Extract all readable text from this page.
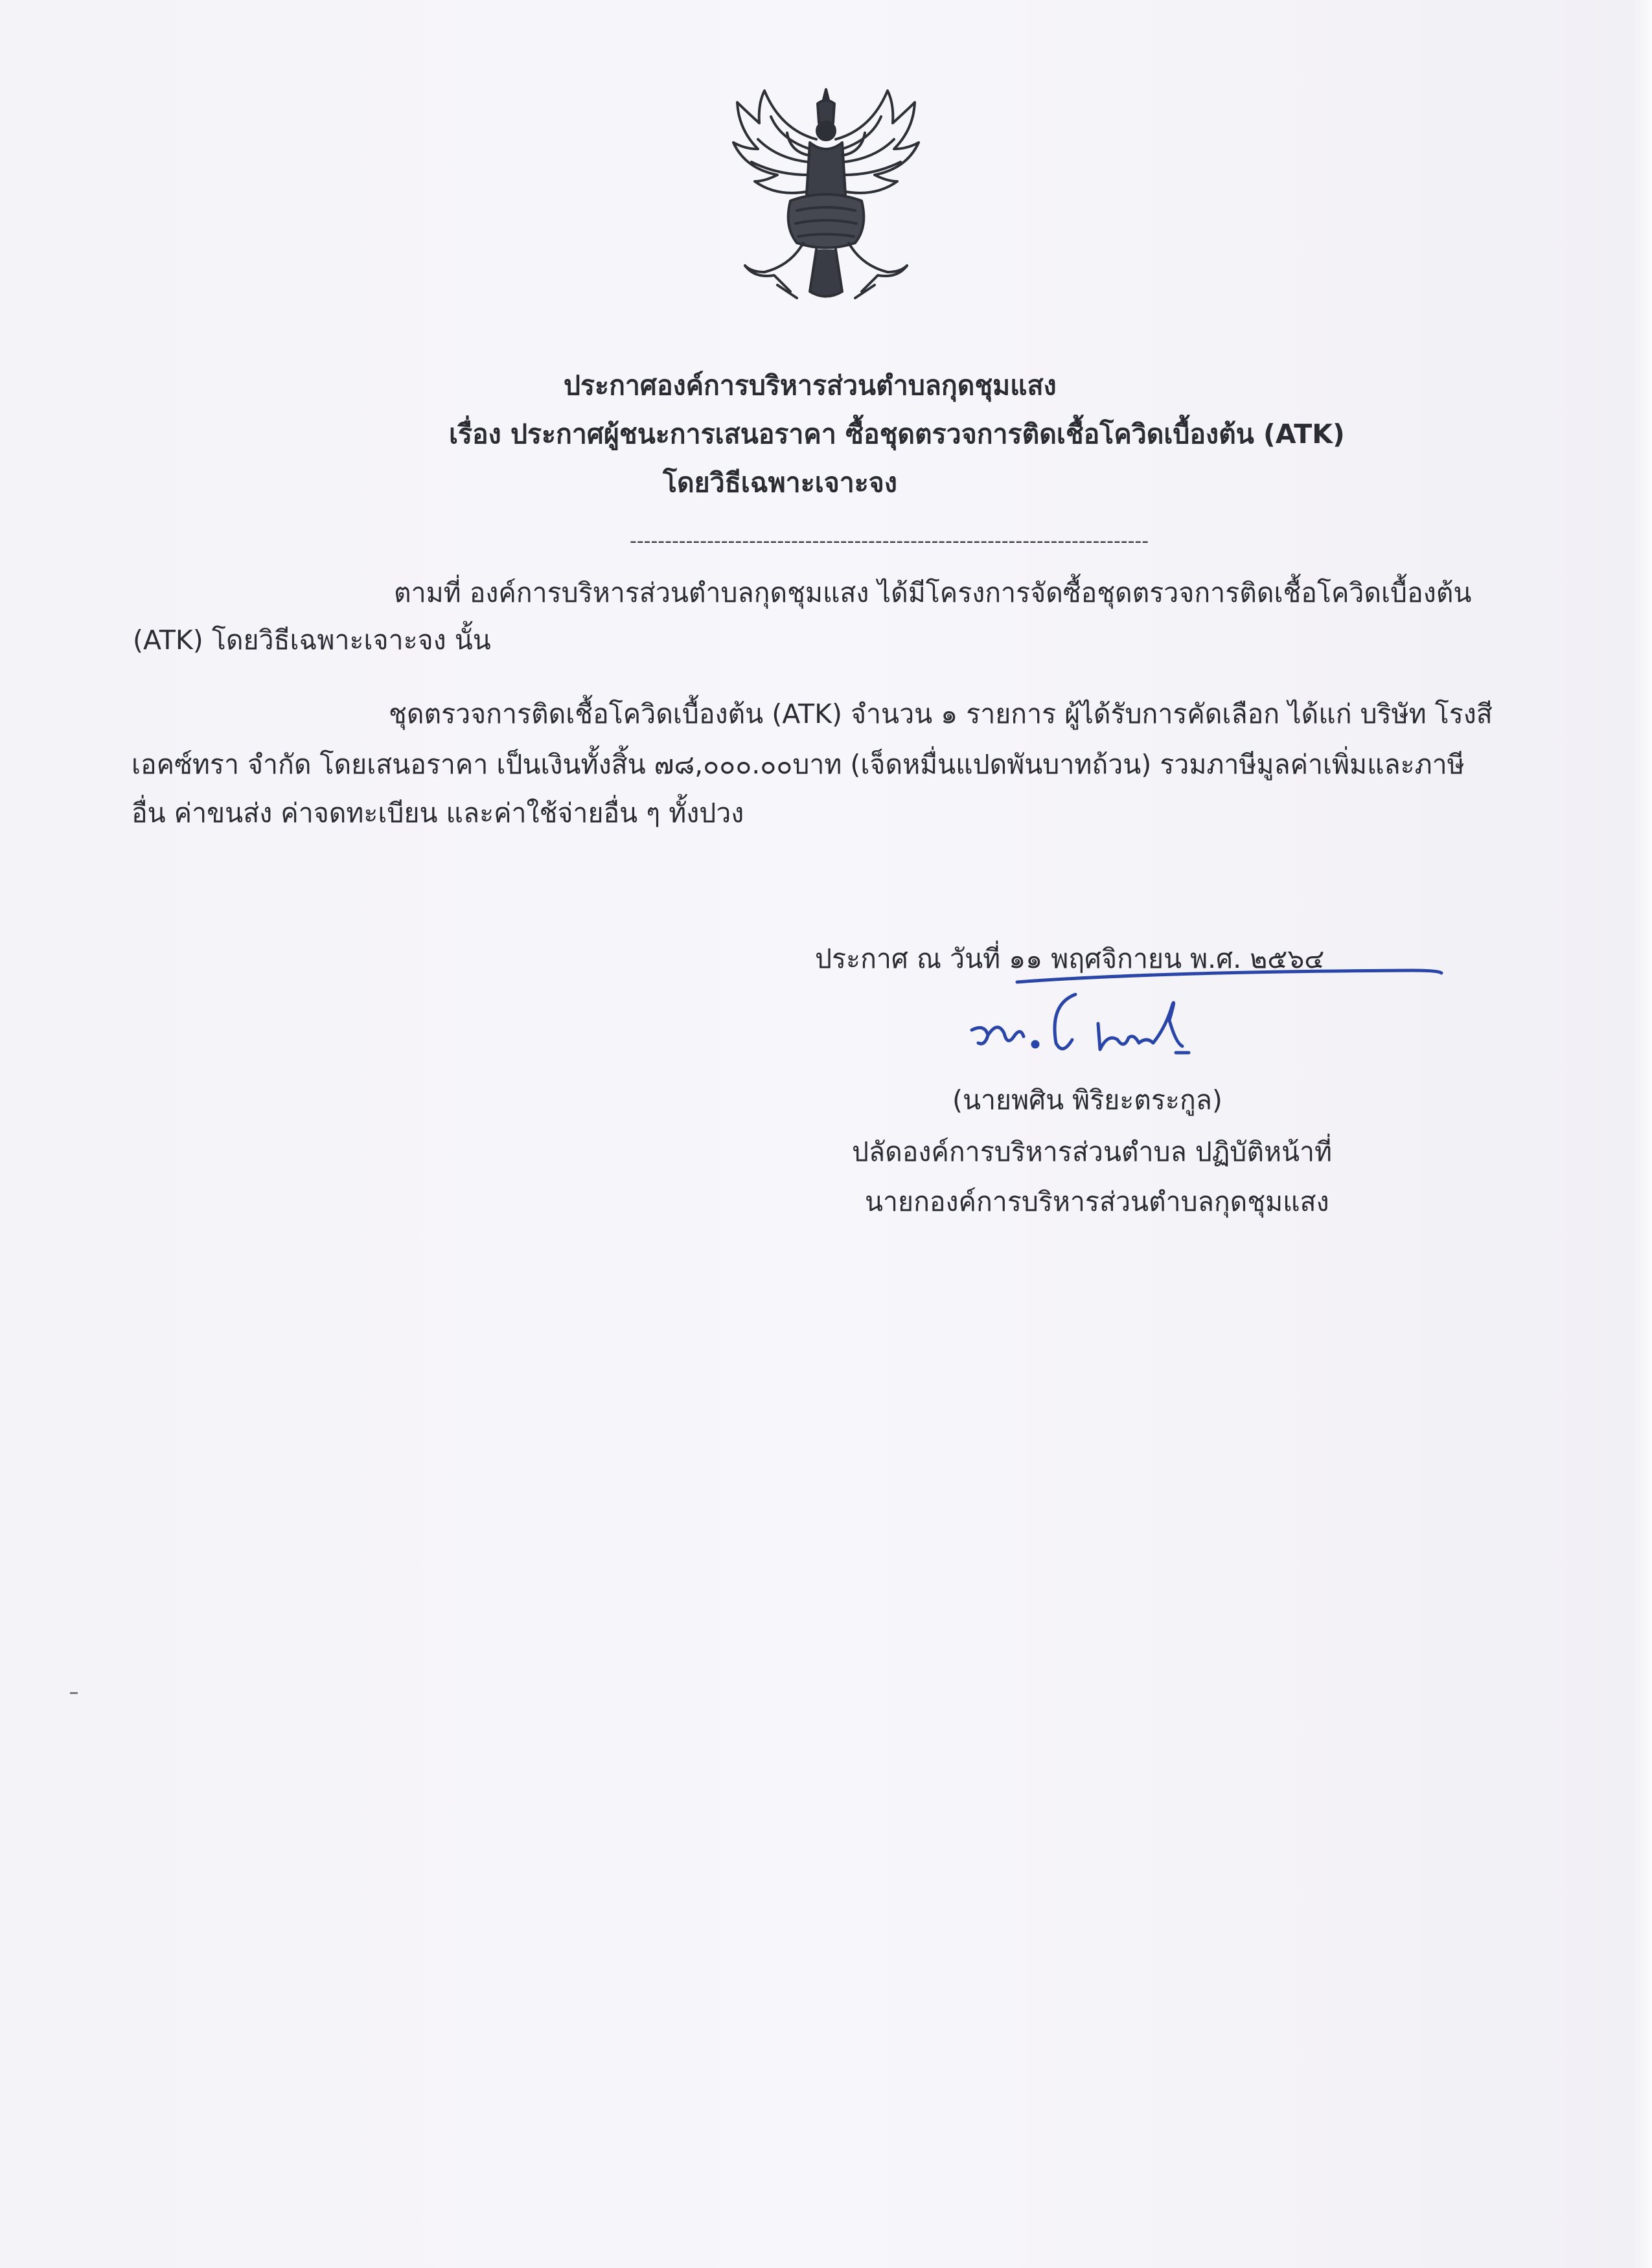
ประกาศองค์การบริหารส่วนตำบลกุดชุมแสง
เรื่อง ประกาศผู้ชนะการเสนอราคา ซื้อชุดตรวจการติดเชื้อโควิดเบื้องต้น (ATK)
โดยวิธีเฉพาะเจาะจง
--------------------------------------------------------------------------
ตามที่ องค์การบริหารส่วนตำบลกุดชุมแสง ได้มีโครงการจัดซื้อชุดตรวจการติดเชื้อโควิดเบื้องต้น
(ATK) โดยวิธีเฉพาะเจาะจง นั้น
ชุดตรวจการติดเชื้อโควิดเบื้องต้น (ATK) จำนวน ๑ รายการ ผู้ได้รับการคัดเลือก ได้แก่ บริษัท โรงสี
เอคซ์ทรา จำกัด โดยเสนอราคา เป็นเงินทั้งสิ้น ๗๘,๐๐๐.๐๐บาท (เจ็ดหมื่นแปดพันบาทถ้วน) รวมภาษีมูลค่าเพิ่มและภาษี
อื่น ค่าขนส่ง ค่าจดทะเบียน และค่าใช้จ่ายอื่น ๆ ทั้งปวง
ประกาศ ณ วันที่ ๑๑ พฤศจิกายน พ.ศ. ๒๕๖๔
(นายพศิน พิริยะตระกูล)
ปลัดองค์การบริหารส่วนตำบล ปฏิบัติหน้าที่
นายกองค์การบริหารส่วนตำบลกุดชุมแสง
